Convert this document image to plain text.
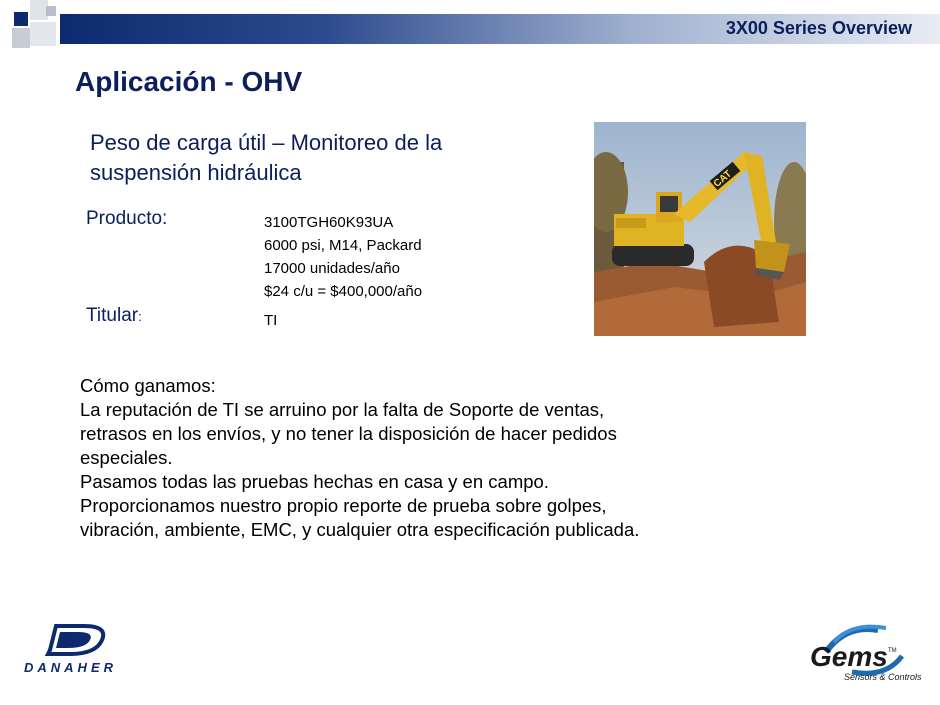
3X00 Series Overview
Aplicación - OHV
Peso de carga útil – Monitoreo de la
suspensión hidráulica
Producto:	3100TGH60K93UA
6000 psi, M14, Packard
17000 unidades/año
$24 c/u = $400,000/año
Titular:	TI
CAT
Cómo ganamos:
La reputación de TI se arruino por la falta de Soporte de ventas,
retrasos en los envíos, y no tener la disposición de hacer pedidos
especiales.
Pasamos todas las pruebas hechas en casa y en campo.
Proporcionamos nuestro propio reporte de prueba sobre golpes,
vibración, ambiente, EMC, y cualquier otra especificación publicada.
DANAHER	Gems TM
Sensors & Controls
